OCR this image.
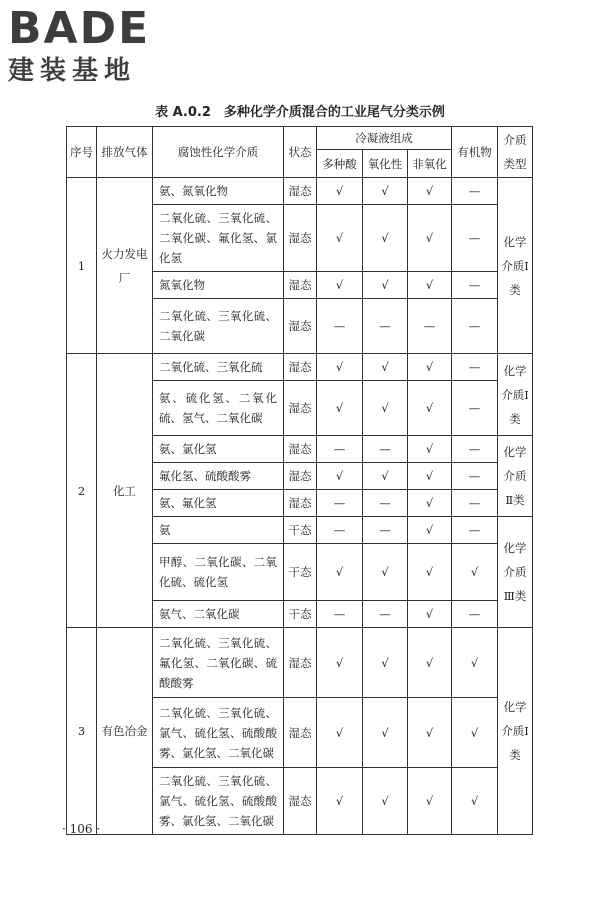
BADE
建装基地
表 A.0.2　多种化学介质混合的工业尾气分类示例
序号	排放气体	腐蚀性化学介质	状态	冷凝液组成			有机物	介质类型
				多种酸	氧化性	非氧化		
1	火力发电厂	氨、氮氧化物	湿态	√	√	√	—	化学介质Ⅰ类
		二氧化硫、三氧化硫、二氧化碳、氟化氢、氯化氢	湿态	√	√	√	—	
		氮氧化物	湿态	√	√	√	—	
		二氧化硫、三氧化硫、二氧化碳	湿态	—	—	—	—	
2	化工	二氧化硫、三氧化硫	湿态	√	√	√	—	化学介质Ⅰ类
		氨、硫化氢、二氧化硫、氢气、二氧化碳	湿态	√	√	√	—	
		氨、氯化氢	湿态	—	—	√	—	化学介质Ⅱ类
		氟化氢、硫酸酸雾	湿态	√	√	√	—	
		氨、氟化氢	湿态	—	—	√	—	
		氨	干态	—	—	√	—	化学介质Ⅲ类
		甲醇、二氧化碳、二氧化硫、硫化氢	干态	√	√	√	√	
		氨气、二氧化碳	干态	—	—	√	—	
3	有色冶金	二氧化硫、三氧化硫、氟化氢、二氧化碳、硫酸酸雾	湿态	√	√	√	√	化学介质Ⅰ类
		二氧化硫、三氧化硫、氯气、硫化氢、硫酸酸雾、氯化氢、二氧化碳	湿态	√	√	√	√	
		二氧化硫、三氧化硫、氯气、硫化氢、硫酸酸雾、氯化氢、二氧化碳	湿态	√	√	√	√	
· 106 ·
